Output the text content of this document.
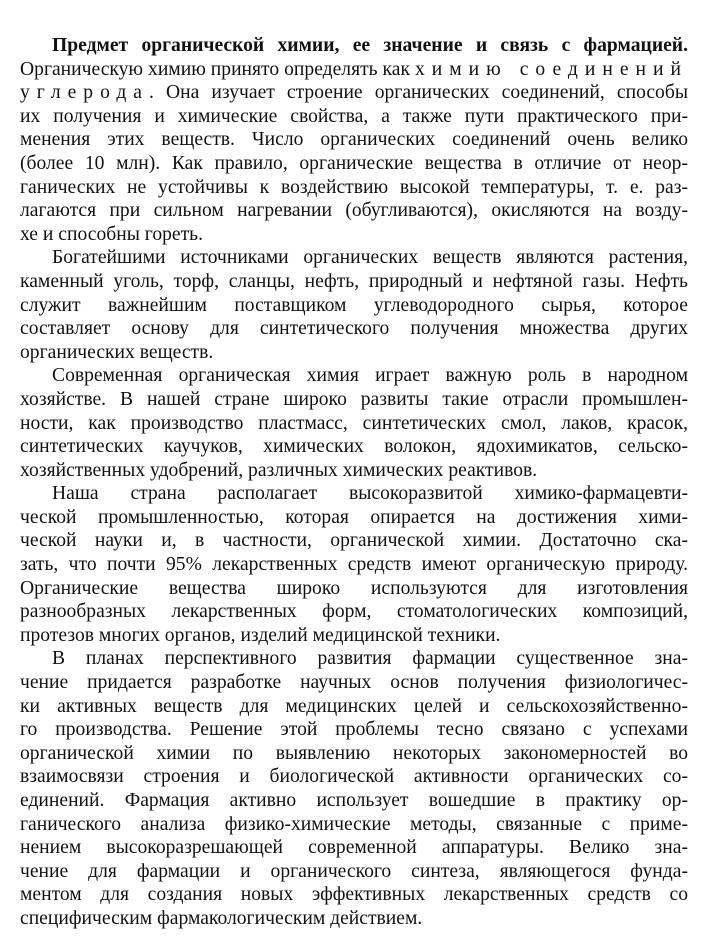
Предмет органической химии, ее значение и связь с фармацией.
Органическую химию принято определять как химию соединений
углерода. Она изучает строение органических соединений, способы
их получения и химические свойства, а также пути практического при-
менения этих веществ. Число органических соединений очень велико
(более 10 млн). Как правило, органические вещества в отличие от неор-
ганических не устойчивы к воздействию высокой температуры, т. е. раз-
лагаются при сильном нагревании (обугливаются), окисляются на возду-
хе и способны гореть.
Богатейшими источниками органических веществ являются растения,
каменный уголь, торф, сланцы, нефть, природный и нефтяной газы. Нефть
служит важнейшим поставщиком углеводородного сырья, которое
составляет основу для синтетического получения множества других
органических веществ.
Современная органическая химия играет важную роль в народном
хозяйстве. В нашей стране широко развиты такие отрасли промышлен-
ности, как производство пластмасс, синтетических смол, лаков, красок,
синтетических каучуков, химических волокон, ядохимикатов, сельско-
хозяйственных удобрений, различных химических реактивов.
Наша страна располагает высокоразвитой химико-фармацевти-
ческой промышленностью, которая опирается на достижения хими-
ческой науки и, в частности, органической химии. Достаточно ска-
зать, что почти 95% лекарственных средств имеют органическую природу.
Органические вещества широко используются для изготовления
разнообразных лекарственных форм, стоматологических композиций,
протезов многих органов, изделий медицинской техники.
В планах перспективного развития фармации существенное зна-
чение придается разработке научных основ получения физиологичес-
ки активных веществ для медицинских целей и сельскохозяйственно-
го производства. Решение этой проблемы тесно связано с успехами
органической химии по выявлению некоторых закономерностей во
взаимосвязи строения и биологической активности органических со-
единений. Фармация активно использует вошедшие в практику ор-
ганического анализа физико-химические методы, связанные с приме-
нением высокоразрешающей современной аппаратуры. Велико зна-
чение для фармации и органического синтеза, являющегося фунда-
ментом для создания новых эффективных лекарственных средств со
специфическим фармакологическим действием.
